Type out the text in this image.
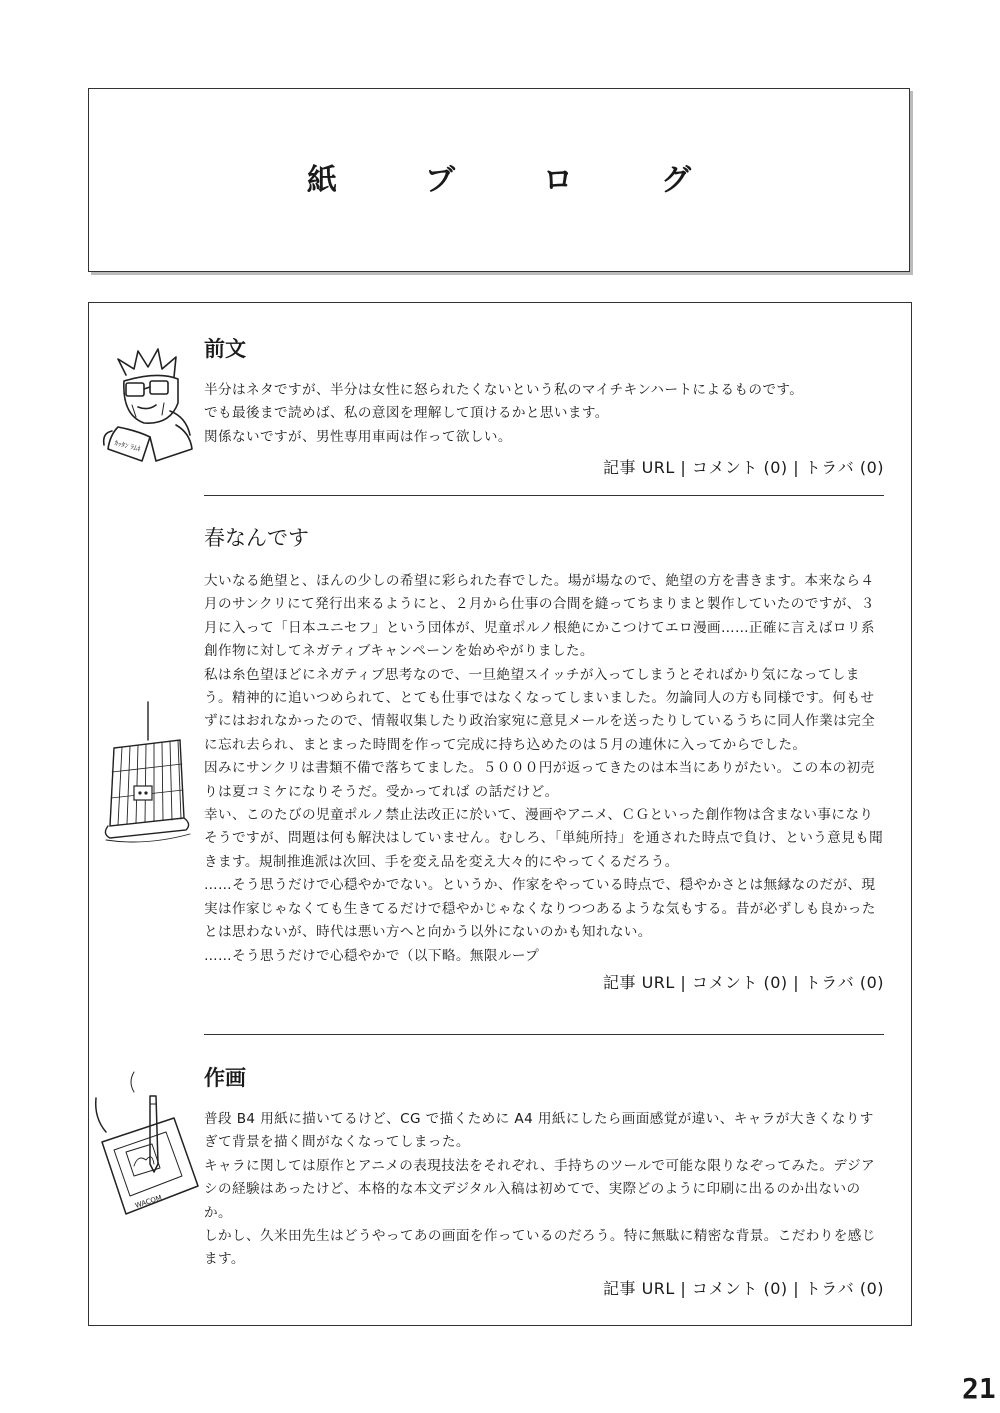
紙	ブ	ロ	グ
ｶｯﾀﾝ ﾗﾑﾈ
前文

半分はネタですが、半分は女性に怒られたくないという私のマイチキンハートによるものです。

でも最後まで読めば、私の意図を理解して頂けるかと思います。

関係ないですが、男性専用車両は作って欲しい。

記事 URL | コメント (0) | トラバ (0)
春なんです

大いなる絶望と、ほんの少しの希望に彩られた春でした。場が場なので、絶望の方を書きます。本来なら４月のサンクリにて発行出来るようにと、２月から仕事の合間を縫ってちまりまと製作していたのですが、３月に入って「日本ユニセフ」という団体が、児童ポルノ根絶にかこつけてエロ漫画……正確に言えばロリ系創作物に対してネガティブキャンペーンを始めやがりました。

私は糸色望ほどにネガティブ思考なので、一旦絶望スイッチが入ってしまうとそればかり気になってしまう。精神的に追いつめられて、とても仕事ではなくなってしまいました。勿論同人の方も同様です。何もせずにはおれなかったので、情報収集したり政治家宛に意見メールを送ったりしているうちに同人作業は完全に忘れ去られ、まとまった時間を作って完成に持ち込めたのは５月の連休に入ってからでした。

因みにサンクリは書類不備で落ちてました。５０００円が返ってきたのは本当にありがたい。この本の初売りは夏コミケになりそうだ。受かってれば の話だけど。

幸い、このたびの児童ポルノ禁止法改正に於いて、漫画やアニメ、ＣＧといった創作物は含まない事になりそうですが、問題は何も解決はしていません。むしろ、「単純所持」を通された時点で負け、という意見も聞きます。規制推進派は次回、手を変え品を変え大々的にやってくるだろう。

……そう思うだけで心穏やかでない。というか、作家をやっている時点で、穏やかさとは無縁なのだが、現実は作家じゃなくても生きてるだけで穏やかじゃなくなりつつあるような気もする。昔が必ずしも良かったとは思わないが、時代は悪い方へと向かう以外にないのかも知れない。

……そう思うだけで心穏やかで（以下略。無限ループ

記事 URL | コメント (0) | トラバ (0)
WACOM
作画

普段 B4 用紙に描いてるけど、CG で描くために A4 用紙にしたら画面感覚が違い、キャラが大きくなりすぎて背景を描く間がなくなってしまった。

キャラに関しては原作とアニメの表現技法をそれぞれ、手持ちのツールで可能な限りなぞってみた。デジアシの経験はあったけど、本格的な本文デジタル入稿は初めてで、実際どのように印刷に出るのか出ないのか。

しかし、久米田先生はどうやってあの画面を作っているのだろう。特に無駄に精密な背景。こだわりを感じます。

記事 URL | コメント (0) | トラバ (0)
21
